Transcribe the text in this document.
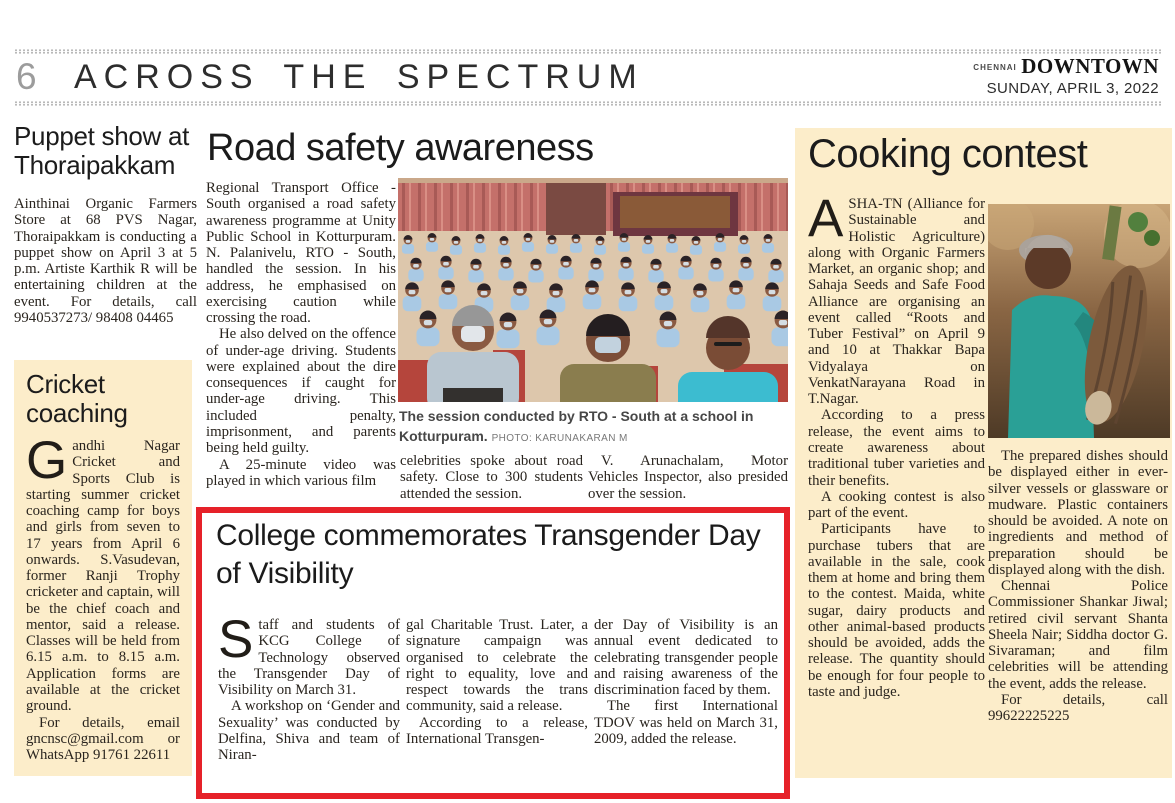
6 ACROSS THE SPECTRUM	CHENNAI DOWNTOWN
SUNDAY, APRIL 3, 2022
Puppet show at Thoraipakkam

Ainthinai Organic Farmers Store at 68 PVS Nagar, Thoraipakkam is conducting a puppet show on April 3 at 5 p.m. Artiste Karthik R will be entertaining children at the event. For details, call 9940537273/ 98408 04465

Cricket coaching

Gandhi Nagar Cricket and Sports Club is starting summer cricket coaching camp for boys and girls from seven to 17 years from April 6 onwards. S.Vasudevan, former Ranji Trophy cricketer and captain, will be the chief coach and mentor, said a release. Classes will be held from 6.15 a.m. to 8.15 a.m. Application forms are available at the cricket ground.

For details, email gncnsc@gmail.com or WhatsApp 91761 22611

Road safety awareness

Regional Transport Office - South organised a road safety awareness programme at Unity Public School in Kotturpuram. N. Palanivelu, RTO - South, handled the session. In his address, he emphasised on exercising caution while crossing the road.

He also delved on the offence of under-age driving. Students were explained about the dire consequences if caught for under-age driving. This included penalty, imprisonment, and parents being held guilty.

A 25-minute video was played in which various film

The session conducted by RTO - South at a school in Kotturpuram. PHOTO: KARUNAKARAN M

celebrities spoke about road safety. Close to 300 students attended the session.

V. Arunachalam, Motor Vehicles Inspector, also presided over the session.

College commemorates Transgender Day of Visibility

Staff and students of KCG College of Technology observed the Transgender Day of Visibility on March 31.

A workshop on ‘Gender and Sexuality’ was conducted by Delfina, Shiva and team of Niran-

gal Charitable Trust. Later, a signature campaign was organised to celebrate the right to equality, love and respect towards the trans community, said a release.

According to a release, International Transgen-

der Day of Visibility is an annual event dedicated to celebrating transgender people and raising awareness of the discrimination faced by them.

The first International TDOV was held on March 31, 2009, added the release.

Cooking contest

ASHA-TN (Alliance for Sustainable and Holistic Agriculture) along with Organic Farmers Market, an organic shop; and Sahaja Seeds and Safe Food Alliance are organising an event called “Roots and Tuber Festival” on April 9 and 10 at Thakkar Bapa Vidyalaya on VenkatNarayana Road in T.Nagar.

According to a press release, the event aims to create awareness about traditional tuber varieties and their benefits.

A cooking contest is also part of the event.

Participants have to purchase tubers that are available in the sale, cook them at home and bring them to the contest. Maida, white sugar, dairy products and other animal-based products should be avoided, adds the release. The quantity should be enough for four people to taste and judge.

The prepared dishes should be displayed either in ever-silver vessels or glassware or mudware. Plastic containers should be avoided. A note on ingredients and method of preparation should be displayed along with the dish.

Chennai Police Commissioner Shankar Jiwal; retired civil servant Shanta Sheela Nair; Siddha doctor G. Sivaraman; and film celebrities will be attending the event, adds the release.

For details, call 99622225225
